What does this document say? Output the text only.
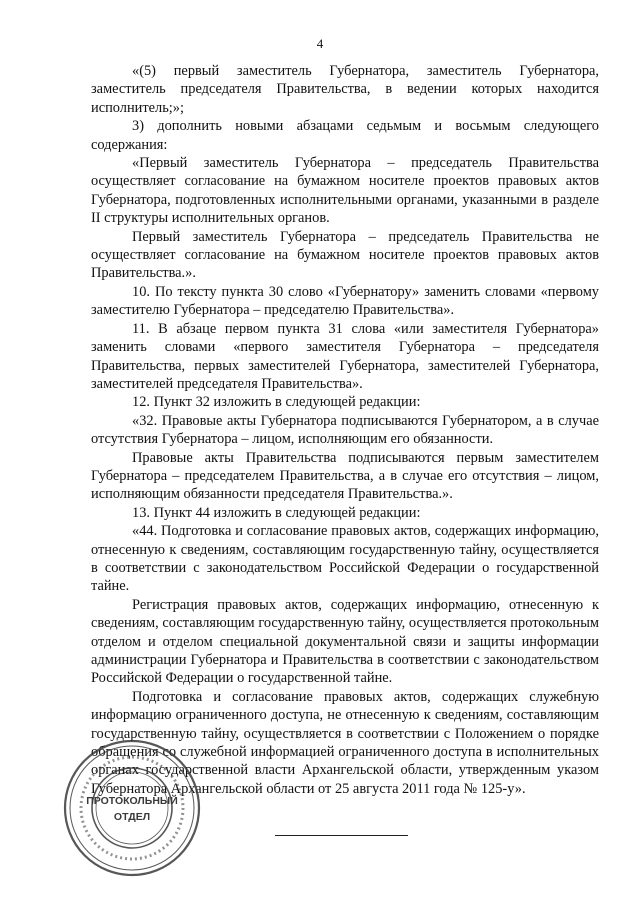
4

«(5) первый заместитель Губернатора, заместитель Губернатора, заместитель председателя Правительства, в ведении которых находится исполнитель;»;

3) дополнить новыми абзацами седьмым и восьмым следующего содержания:

«Первый заместитель Губернатора – председатель Правительства осуществляет согласование на бумажном носителе проектов правовых актов Губернатора, подготовленных исполнительными органами, указанными в разделе II структуры исполнительных органов.

Первый заместитель Губернатора – председатель Правительства не осуществляет согласование на бумажном носителе проектов правовых актов Правительства.».

10. По тексту пункта 30 слово «Губернатору» заменить словами «первому заместителю Губернатора – председателю Правительства».

11. В абзаце первом пункта 31 слова «или заместителя Губернатора» заменить словами «первого заместителя Губернатора – председателя Правительства, первых заместителей Губернатора, заместителей Губернатора, заместителей председателя Правительства».

12. Пункт 32 изложить в следующей редакции:

«32. Правовые акты Губернатора подписываются Губернатором, а в случае отсутствия Губернатора – лицом, исполняющим его обязанности.

Правовые акты Правительства подписываются первым заместителем Губернатора – председателем Правительства, а в случае его отсутствия – лицом, исполняющим обязанности председателя Правительства.».

13. Пункт 44 изложить в следующей редакции:

«44. Подготовка и согласование правовых актов, содержащих информацию, отнесенную к сведениям, составляющим государственную тайну, осуществляется в соответствии с законодательством Российской Федерации о государственной тайне.

Регистрация правовых актов, содержащих информацию, отнесенную к сведениям, составляющим государственную тайну, осуществляется протокольным отделом и отделом специальной документальной связи и защиты информации администрации Губернатора и Правительства в соответствии с законодательством Российской Федерации о государственной тайне.

Подготовка и согласование правовых актов, содержащих служебную информацию ограниченного доступа, не отнесенную к сведениям, составляющим государственную тайну, осуществляется в соответствии с Положением о порядке обращения со служебной информацией ограниченного доступа в исполнительных органах государственной власти Архангельской области, утвержденным указом Губернатора Архангельской области от 25 августа 2011 года № 125-у».

ПРОТОКОЛЬНЫЙ
ОТДЕЛ
